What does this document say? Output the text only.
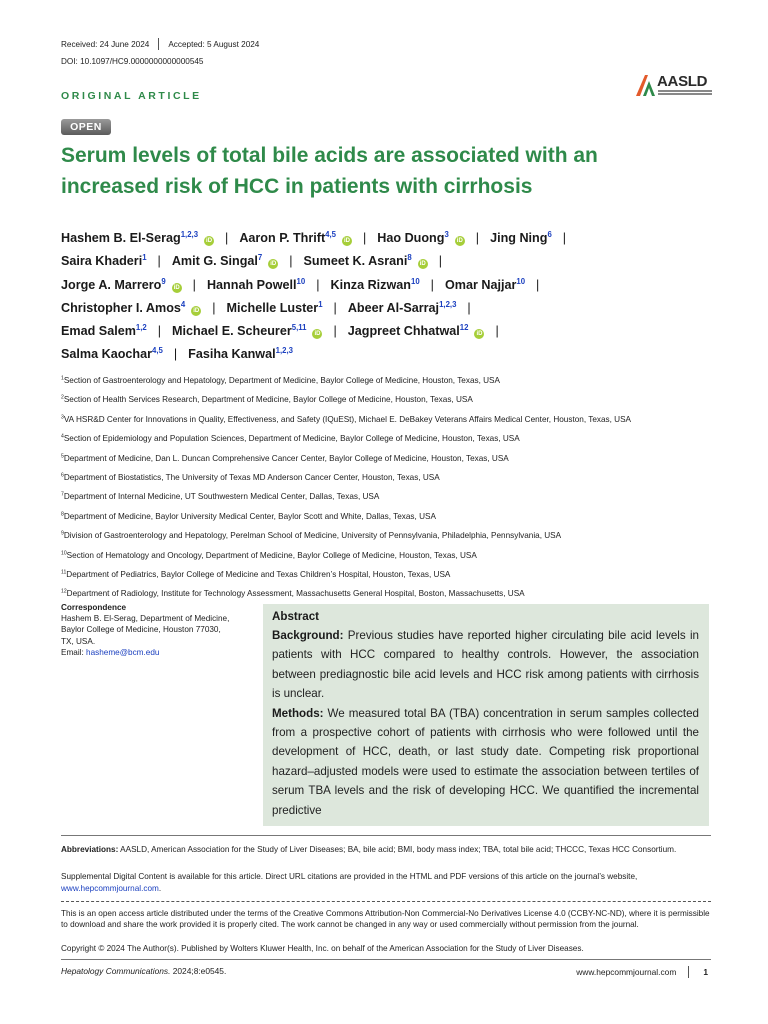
Received: 24 June 2024 Accepted: 5 August 2024
DOI: 10.1097/HC9.0000000000000545
AASLD
ORIGINAL ARTICLE
OPEN
Serum levels of total bile acids are associated with an increased risk of HCC in patients with cirrhosis
Hashem B. El-Serag$^{1,2,3}$iD | Aaron P. Thrift$^{4,5}$iD | Hao Duong$^3$iD | Jing Ning$^6$ |
Saira Khaderi$^1$ | Amit G. Singal$^7$iD | Sumeet K. Asrani$^8$iD |
Jorge A. Marrero$^9$iD | Hannah Powell$^{10}$ | Kinza Rizwan$^{10}$ | Omar Najjar$^{10}$ |
Christopher I. Amos$^4$iD | Michelle Luster$^1$ | Abeer Al-Sarraj$^{1,2,3}$ |
Emad Salem$^{1,2}$ | Michael E. Scheurer$^{5,11}$iD | Jagpreet Chhatwal$^{12}$iD |
Salma Kaochar$^{4,5}$ | Fasiha Kanwal$^{1,2,3}$
$^1$Section of Gastroenterology and Hepatology, Department of Medicine, Baylor College of Medicine, Houston, Texas, USA
$^2$Section of Health Services Research, Department of Medicine, Baylor College of Medicine, Houston, Texas, USA
$^3$VA HSR&D Center for Innovations in Quality, Effectiveness, and Safety (IQuESt), Michael E. DeBakey Veterans Affairs Medical Center, Houston, Texas, USA
$^4$Section of Epidemiology and Population Sciences, Department of Medicine, Baylor College of Medicine, Houston, Texas, USA
$^5$Department of Medicine, Dan L. Duncan Comprehensive Cancer Center, Baylor College of Medicine, Houston, Texas, USA
$^6$Department of Biostatistics, The University of Texas MD Anderson Cancer Center, Houston, Texas, USA
$^7$Department of Internal Medicine, UT Southwestern Medical Center, Dallas, Texas, USA
$^8$Department of Medicine, Baylor University Medical Center, Baylor Scott and White, Dallas, Texas, USA
$^9$Division of Gastroenterology and Hepatology, Perelman School of Medicine, University of Pennsylvania, Philadelphia, Pennsylvania, USA
$^{10}$Section of Hematology and Oncology, Department of Medicine, Baylor College of Medicine, Houston, Texas, USA
$^{11}$Department of Pediatrics, Baylor College of Medicine and Texas Children’s Hospital, Houston, Texas, USA
$^{12}$Department of Radiology, Institute for Technology Assessment, Massachusetts General Hospital, Boston, Massachusetts, USA
Correspondence
Hashem B. El-Serag, Department of Medicine,
Baylor College of Medicine, Houston 77030,
TX, USA.
Email: hasheme@bcm.edu
Abstract

Background: Previous studies have reported higher circulating bile acid levels in patients with HCC compared to healthy controls. However, the association between prediagnostic bile acid levels and HCC risk among patients with cirrhosis is unclear.

Methods: We measured total BA (TBA) concentration in serum samples collected from a prospective cohort of patients with cirrhosis who were followed until the development of HCC, death, or last study date. Competing risk proportional hazard–adjusted models were used to estimate the association between tertiles of serum TBA levels and the risk of developing HCC. We quantified the incremental predictive

Abbreviations: AASLD, American Association for the Study of Liver Diseases; BA, bile acid; BMI, body mass index; TBA, total bile acid; THCCC, Texas HCC Consortium.
Supplemental Digital Content is available for this article. Direct URL citations are provided in the HTML and PDF versions of this article on the journal’s website,
www.hepcommjournal.com.
This is an open access article distributed under the terms of the Creative Commons Attribution-Non Commercial-No Derivatives License 4.0 (CCBY-NC-ND), where it is permissible to download and share the work provided it is properly cited. The work cannot be changed in any way or used commercially without permission from the journal.
Copyright © 2024 The Author(s). Published by Wolters Kluwer Health, Inc. on behalf of the American Association for the Study of Liver Diseases.
Hepatology Communications. 2024;8:e0545.	www.hepcommjournal.com	1
